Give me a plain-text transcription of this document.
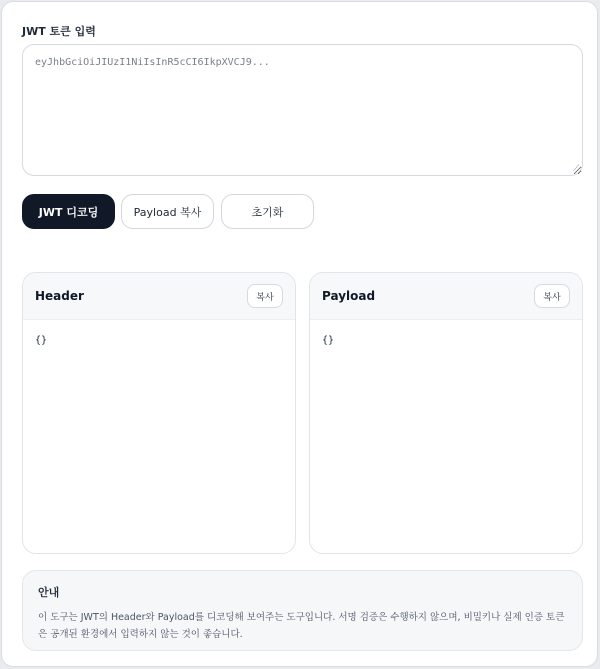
JWT 토큰 입력
eyJhbGciOiJIUzI1NiIsInR5cCI6IkpXVCJ9...
⟋
JWT 디코딩	Payload 복사	초기화
Header	복사
{}
Payload	복사
{}
안내
이 도구는 JWT의 Header와 Payload를 디코딩해 보여주는 도구입니다. 서명 검증은 수행하지 않으며, 비밀키나 실제 인증 토큰은 공개된 환경에서 입력하지 않는 것이 좋습니다.
